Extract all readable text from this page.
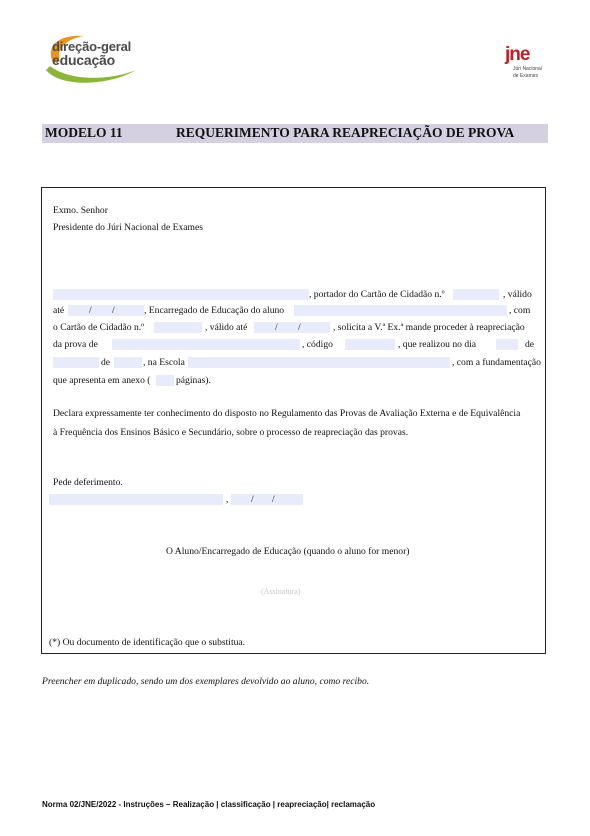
direção-geral
educação	jne
Júri Nacional
de Exames
MODELO 11	REQUERIMENTO PARA REAPRECIAÇÃO DE PROVA
Exmo. Senhor
Presidente do Júri Nacional de Exames
, portador do Cartão de Cidadão n.º	, válido
até	/ /	, Encarregado de Educação do aluno	, com
o Cartão de Cidadão n.º	, válido até	/ /	, solicita a V.ª Ex.ª mande proceder à reapreciação
da prova de	, código	, que realizou no dia	de
de	, na Escola	, com a fundamentação
que apresenta em anexo (	páginas).
Declara expressamente ter conhecimento do disposto no Regulamento das Provas de Avaliação Externa e de Equivalência
à Frequência dos Ensinos Básico e Secundário, sobre o processo de reapreciação das provas.
Pede deferimento.
, / /
O Aluno/Encarregado de Educação (quando o aluno for menor)
(Assinatura)
(*) Ou documento de identificação que o substitua.
Preencher em duplicado, sendo um dos exemplares devolvido ao aluno, como recibo.
Norma 02/JNE/2022 - Instruções – Realização | classificação | reapreciação| reclamação
